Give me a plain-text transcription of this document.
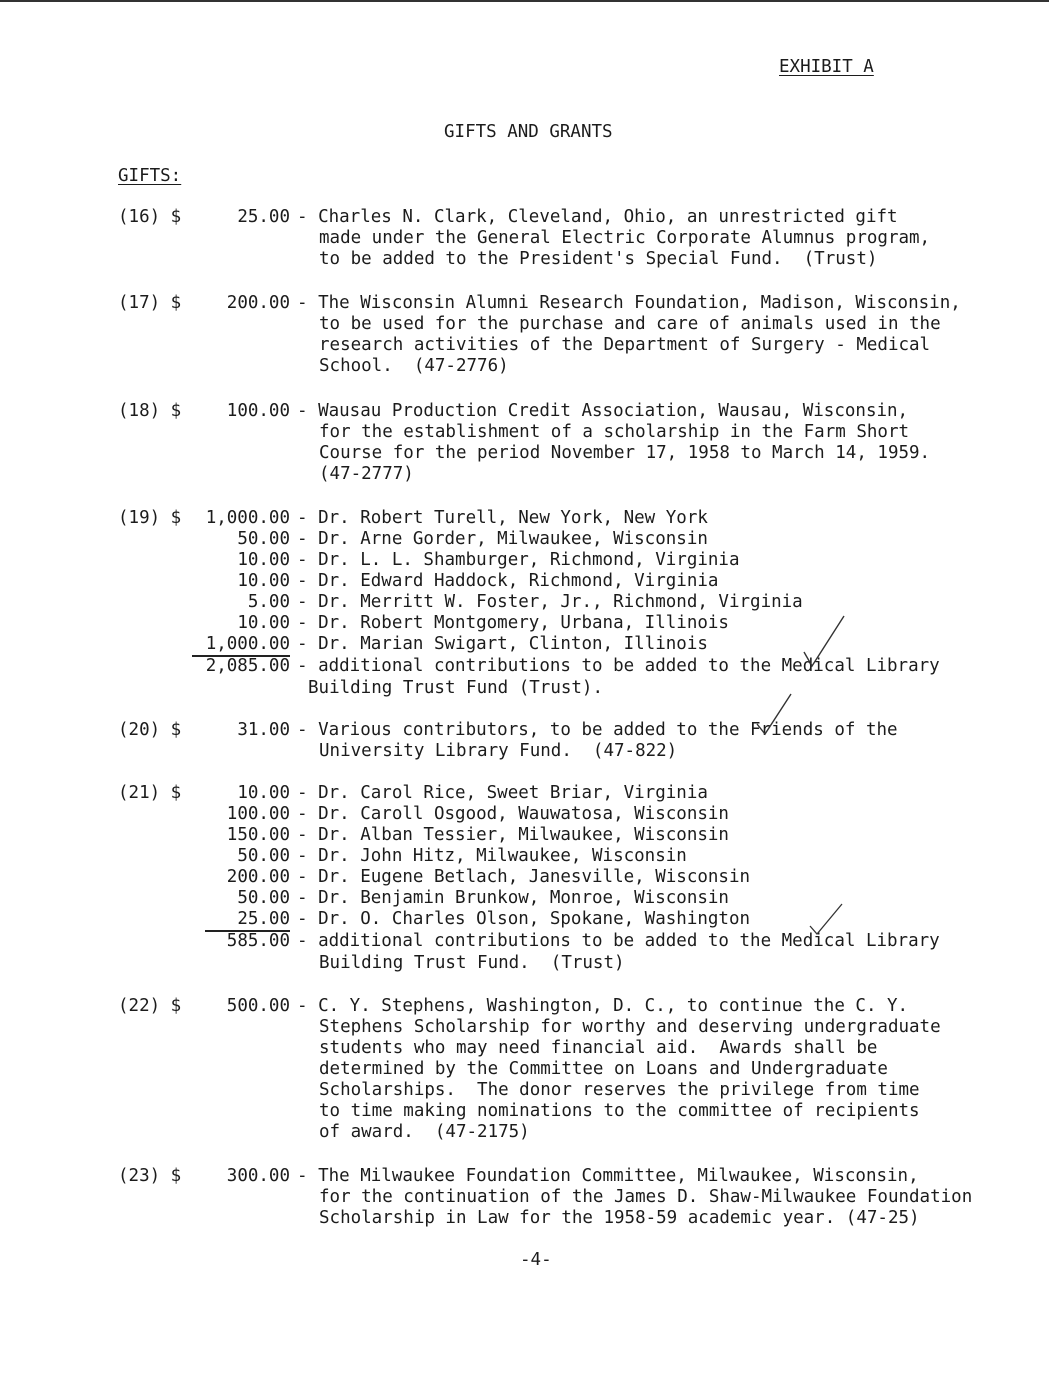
EXHIBIT A
GIFTS AND GRANTS
GIFTS:
(16) $	25.00 - Charles N. Clark, Cleveland, Ohio, an unrestricted gift
made under the General Electric Corporate Alumnus program,
to be added to the President's Special Fund.  (Trust)
(17) $	200.00 - The Wisconsin Alumni Research Foundation, Madison, Wisconsin,
to be used for the purchase and care of animals used in the
research activities of the Department of Surgery - Medical
School.  (47-2776)
(18) $	100.00 - Wausau Production Credit Association, Wausau, Wisconsin,
for the establishment of a scholarship in the Farm Short
Course for the period November 17, 1958 to March 14, 1959.
(47-2777)
(19) $	1,000.00 - Dr. Robert Turell, New York, New York
50.00 - Dr. Arne Gorder, Milwaukee, Wisconsin
10.00 - Dr. L. L. Shamburger, Richmond, Virginia
10.00 - Dr. Edward Haddock, Richmond, Virginia
5.00 - Dr. Merritt W. Foster, Jr., Richmond, Virginia
10.00 - Dr. Robert Montgomery, Urbana, Illinois
1,000.00 - Dr. Marian Swigart, Clinton, Illinois
2,085.00 - additional contributions to be added to the Medical Library
Building Trust Fund (Trust).
(20) $	31.00 - Various contributors, to be added to the Friends of the
University Library Fund.  (47-822)
(21) $	10.00 - Dr. Carol Rice, Sweet Briar, Virginia
100.00 - Dr. Caroll Osgood, Wauwatosa, Wisconsin
150.00 - Dr. Alban Tessier, Milwaukee, Wisconsin
50.00 - Dr. John Hitz, Milwaukee, Wisconsin
200.00 - Dr. Eugene Betlach, Janesville, Wisconsin
50.00 - Dr. Benjamin Brunkow, Monroe, Wisconsin
25.00 - Dr. O. Charles Olson, Spokane, Washington
585.00 - additional contributions to be added to the Medical Library
Building Trust Fund.  (Trust)
(22) $	500.00 - C. Y. Stephens, Washington, D. C., to continue the C. Y.
Stephens Scholarship for worthy and deserving undergraduate
students who may need financial aid.  Awards shall be
determined by the Committee on Loans and Undergraduate
Scholarships.  The donor reserves the privilege from time
to time making nominations to the committee of recipients
of award.  (47-2175)
(23) $	300.00 - The Milwaukee Foundation Committee, Milwaukee, Wisconsin,
for the continuation of the James D. Shaw-Milwaukee Foundation
Scholarship in Law for the 1958-59 academic year. (47-25)
-4-
